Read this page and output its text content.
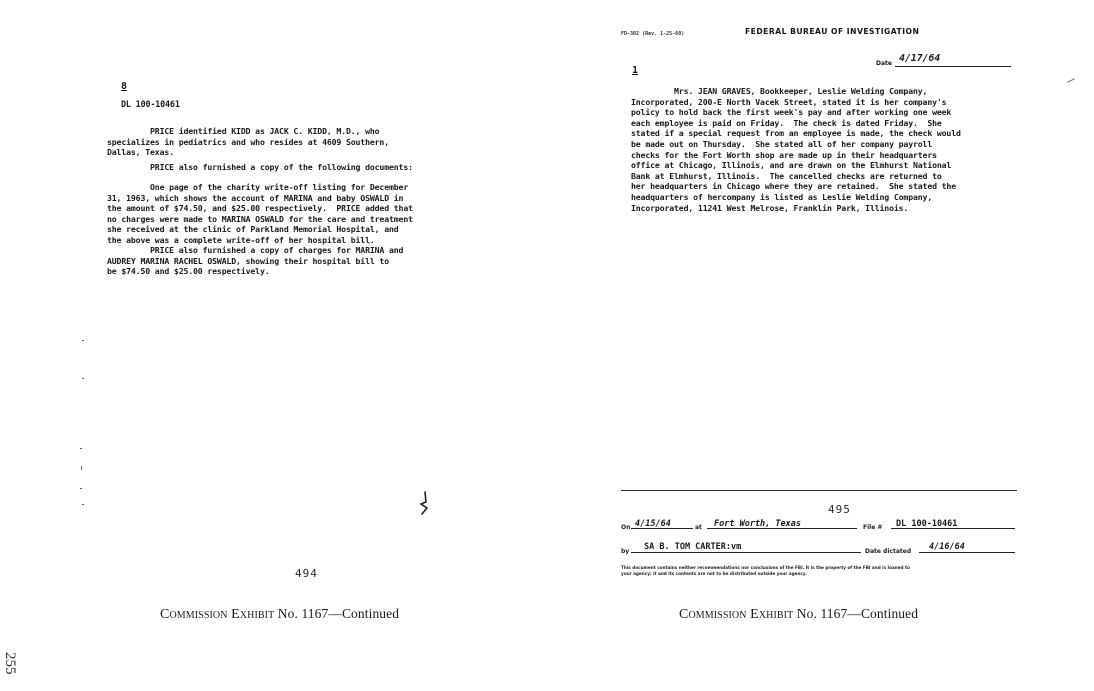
8
DL 100-10461

PRICE identified KIDD as JACK C. KIDD, M.D., who

specializes in pediatrics and who resides at 4609 Southern,

Dallas, Texas.

PRICE also furnished a copy of the following documents:

One page of the charity write-off listing for December

31, 1963, which shows the account of MARINA and baby OSWALD in

the amount of $74.50, and $25.00 respectively.  PRICE added that

no charges were made to MARINA OSWALD for the care and treatment

she received at the clinic of Parkland Memorial Hospital, and

the above was a complete write-off of her hospital bill.

PRICE also furnished a copy of charges for MARINA and

AUDREY MARINA RACHEL OSWALD, showing their hospital bill to

be $74.50 and $25.00 respectively.

494
Commission Exhibit No. 1167—Continued
255
FD-302 (Rev. 1-25-60)	FEDERAL BUREAU OF INVESTIGATION
Date 4/17/64
1

Mrs. JEAN GRAVES, Bookkeeper, Leslie Welding Company,

Incorporated, 200-E North Vacek Street, stated it is her company's

policy to hold back the first week's pay and after working one week

each employee is paid on Friday.  The check is dated Friday.  She

stated if a special request from an employee is made, the check would

be made out on Thursday.  She stated all of her company payroll

checks for the Fort Worth shop are made up in their headquarters

office at Chicago, Illinois, and are drawn on the Elmhurst National

Bank at Elmhurst, Illinois.  The cancelled checks are returned to

her headquarters in Chicago where they are retained.  She stated the

headquarters of hercompany is listed as Leslie Welding Company,

Incorporated, 11241 West Melrose, Franklin Park, Illinois.

495
On 4/15/64	at Fort Worth, Texas	File # DL 100-10461
by SA B. TOM CARTER:vm	Date dictated 4/16/64
This document contains neither recommendations nor conclusions of the FBI. It is the property of the FBI and is loaned to
your agency; it and its contents are not to be distributed outside your agency.
Commission Exhibit No. 1167—Continued
